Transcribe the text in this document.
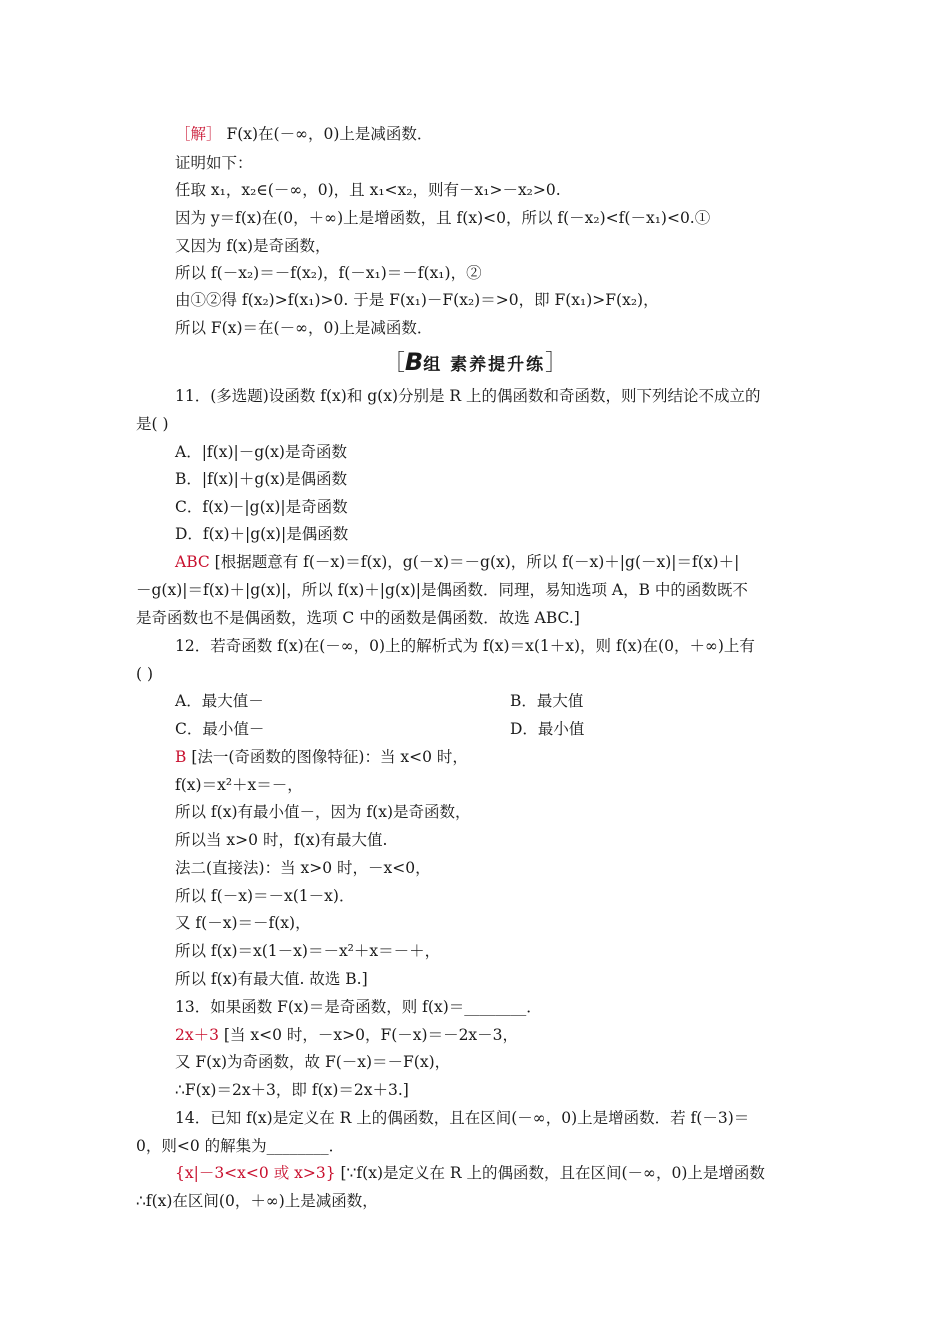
［解］ F(x)在(－∞，0)上是减函数．
证明如下：
任取 x₁，x₂∈(－∞，0)，且 x₁<x₂，则有－x₁>－x₂>0.
因为 y＝f(x)在(0，＋∞)上是增函数，且 f(x)<0，所以 f(－x₂)<f(－x₁)<0.①
又因为 f(x)是奇函数，
所以 f(－x₂)＝－f(x₂)，f(－x₁)＝－f(x₁)，②
由①②得 f(x₂)>f(x₁)>0. 于是 F(x₁)－F(x₂)＝>0，即 F(x₁)>F(x₂)，
所以 F(x)＝在(－∞，0)上是减函数．
［B组 素养提升练］
11．(多选题)设函数 f(x)和 g(x)分别是 R 上的偶函数和奇函数，则下列结论不成立的
是( )
A．|f(x)|－g(x)是奇函数
B．|f(x)|＋g(x)是偶函数
C．f(x)－|g(x)|是奇函数
D．f(x)＋|g(x)|是偶函数
ABC [根据题意有 f(－x)＝f(x)，g(－x)＝－g(x)，所以 f(－x)＋|g(－x)|＝f(x)＋|
－g(x)|＝f(x)＋|g(x)|，所以 f(x)＋|g(x)|是偶函数．同理，易知选项 A，B 中的函数既不
是奇函数也不是偶函数，选项 C 中的函数是偶函数．故选 ABC.]
12．若奇函数 f(x)在(－∞，0)上的解析式为 f(x)＝x(1＋x)，则 f(x)在(0，＋∞)上有
( )
A．最大值－	B．最大值
C．最小值－	D．最小值
B [法一(奇函数的图像特征)：当 x<0 时，
f(x)＝x²＋x＝－，
所以 f(x)有最小值－，因为 f(x)是奇函数，
所以当 x>0 时，f(x)有最大值.
法二(直接法)：当 x>0 时，－x<0，
所以 f(－x)＝－x(1－x)．
又 f(－x)＝－f(x)，
所以 f(x)＝x(1－x)＝－x²＋x＝－＋，
所以 f(x)有最大值. 故选 B.]
13．如果函数 F(x)＝是奇函数，则 f(x)＝________．
2x＋3 [当 x<0 时，－x>0，F(－x)＝－2x－3，
又 F(x)为奇函数，故 F(－x)＝－F(x)，
∴F(x)＝2x＋3，即 f(x)＝2x＋3.]
14．已知 f(x)是定义在 R 上的偶函数，且在区间(－∞，0)上是增函数．若 f(－3)＝
0，则<0 的解集为________．
{x|－3<x<0 或 x>3} [∵f(x)是定义在 R 上的偶函数，且在区间(－∞，0)上是增函数
∴f(x)在区间(0，＋∞)上是减函数，
